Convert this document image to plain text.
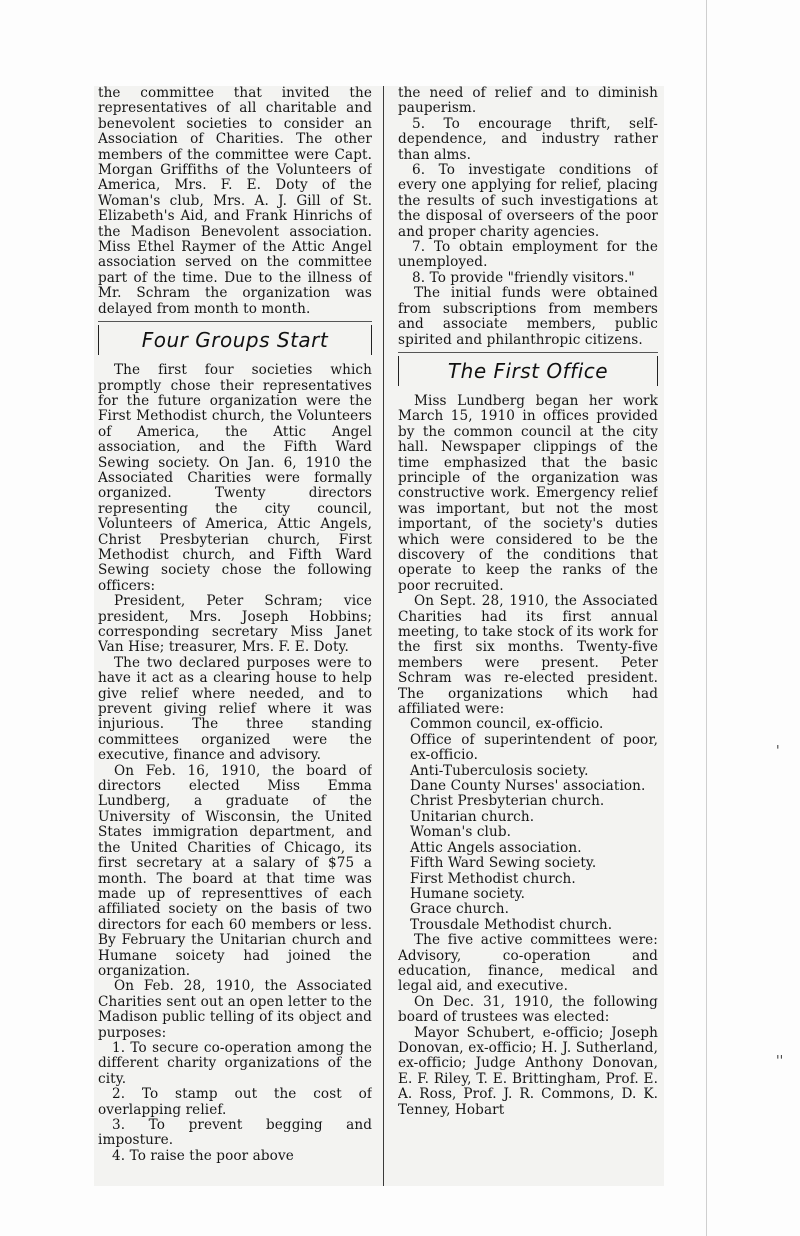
the committee that invited the representatives of all charitable and benevolent societies to consider an Association of Charities. The other members of the committee were Capt. Morgan Griffiths of the Volunteers of America, Mrs. F. E. Doty of the Woman's club, Mrs. A. J. Gill of St. Elizabeth's Aid, and Frank Hinrichs of the Madison Benevolent association. Miss Ethel Raymer of the Attic Angel association served on the committee part of the time. Due to the illness of Mr. Schram the organization was delayed from month to month.

Four Groups Start

The first four societies which promptly chose their representatives for the future organization were the First Methodist church, the Volunteers of America, the Attic Angel association, and the Fifth Ward Sewing society. On Jan. 6, 1910 the Associated Charities were formally organized. Twenty directors representing the city council, Volunteers of America, Attic Angels, Christ Presbyterian church, First Methodist church, and Fifth Ward Sewing society chose the following officers:

President, Peter Schram; vice president, Mrs. Joseph Hobbins; corresponding secretary Miss Janet Van Hise; treasurer, Mrs. F. E. Doty.

The two declared purposes were to have it act as a clearing house to help give relief where needed, and to prevent giving relief where it was injurious. The three standing committees organized were the executive, finance and advisory.

On Feb. 16, 1910, the board of directors elected Miss Emma Lundberg, a graduate of the University of Wisconsin, the United States immigration department, and the United Charities of Chicago, its first secretary at a salary of $75 a month. The board at that time was made up of representtives of each affiliated society on the basis of two directors for each 60 members or less. By February the Unitarian church and Humane soicety had joined the organization.

On Feb. 28, 1910, the Associated Charities sent out an open letter to the Madison public telling of its object and purposes:

1. To secure co-operation among the different charity organizations of the city.
2. To stamp out the cost of overlapping relief.
3. To prevent begging and imposture.
4. To raise the poor above

the need of relief and to diminish pauperism.

5. To encourage thrift, self-dependence, and industry rather than alms.
6. To investigate conditions of every one applying for relief, placing the results of such investigations at the disposal of overseers of the poor and proper charity agencies.
7. To obtain employment for the unemployed.
8. To provide "friendly visitors."

The initial funds were obtained from subscriptions from members and associate members, public spirited and philanthropic citizens.

The First Office

Miss Lundberg began her work March 15, 1910 in offices provided by the common council at the city hall. Newspaper clippings of the time emphasized that the basic principle of the organization was constructive work. Emergency relief was important, but not the most important, of the society's duties which were considered to be the discovery of the conditions that operate to keep the ranks of the poor recruited.

On Sept. 28, 1910, the Associated Charities had its first annual meeting, to take stock of its work for the first six months. Twenty-five members were present. Peter Schram was re-elected president. The organizations which had affiliated were:

Common council, ex-officio.
Office of superintendent of poor, ex-officio.
Anti-Tuberculosis society.
Dane County Nurses' association.
Christ Presbyterian church.
Unitarian church.
Woman's club.
Attic Angels association.
Fifth Ward Sewing society.
First Methodist church.
Humane society.
Grace church.
Trousdale Methodist church.

The five active committees were: Advisory, co-operation and education, finance, medical and legal aid, and executive.

On Dec. 31, 1910, the following board of trustees was elected:

Mayor Schubert, e-officio; Joseph Donovan, ex-officio; H. J. Sutherland, ex-officio; Judge Anthony Donovan, E. F. Riley, T. E. Brittingham, Prof. E. A. Ross, Prof. J. R. Commons, D. K. Tenney, Hobart

'
''
